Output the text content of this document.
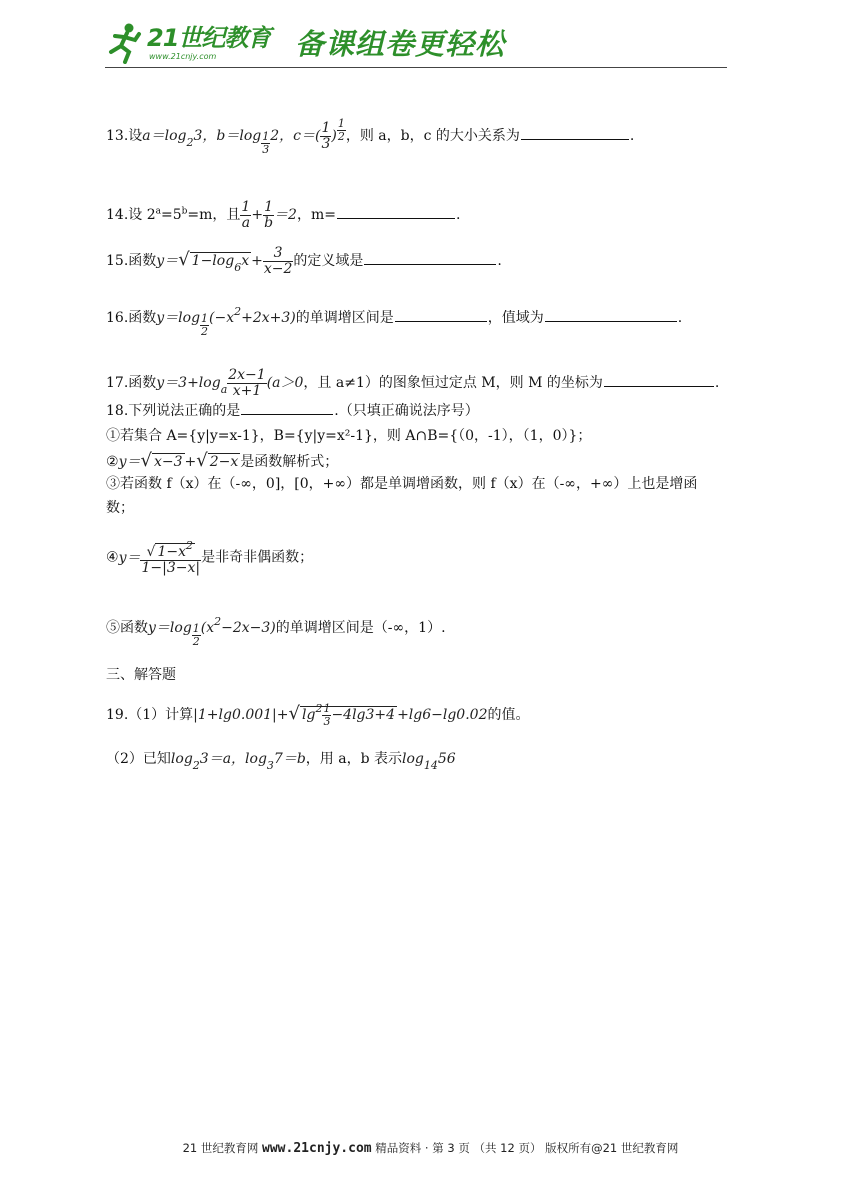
21世纪教育
www.21cnjy.com	备课组卷更轻松
13.设$a=\log_23$，b＝log $_{\frac{1}{3}}$ 2，$c=( \frac{1}{3}$ ) $^{\frac{1}{2}}$ ，则 a，b，c 的大小关系为	.
14.设 $2^a=5^b=m$，且 $\frac{1}{a} + \frac{1}{b} =2$，m=	.
15.函数y＝√ $1-\log_6x + \frac{3}{x-2}$ 的定义域是	.
16.函数y＝log $_{\frac{1}{2}}$ $(-x^2+2x+3)$的单调增区间是	，值域为	.
17.函数$y=3+\log_a \frac{2x-1}{x+1} (a>0$，且 a≠1）的图象恒过定点 M，则 M 的坐标为	.
18.下列说法正确的是	.（只填正确说法序号）
①若集合 A={y|y=x-1}，B={y|y=x²-1}，则 A∩B={（0，-1），（1，0）}；
②y＝√ x−3 +√ 2−x 是函数解析式；
③若函数 f（x）在（-∞，0]，[0，+∞）都是单调增函数，则 f（x）在（-∞，+∞）上也是增函
数；
④y＝ $\frac{√ 1-x^2}{1-|3-x|}$ 是非奇非偶函数；
⑤函数y＝log $_{\frac{1}{2}}$ $(x^2-2x-3)$的单调增区间是（-∞，1）.
三、解答题
19.（1）计算|1+lg0.001|+√ $\lg^2 \frac{1}{3} -4\lg 3+4 +\lg 6-\lg 0.02$的值。
（2）已知$\log_23=a$，$\log_37=b$，用 a，b 表示$\log_{14}56$
21 世纪教育网 www.21cnjy.com 精品资料 · 第 3 页 （共 12 页） 版权所有@21 世纪教育网
